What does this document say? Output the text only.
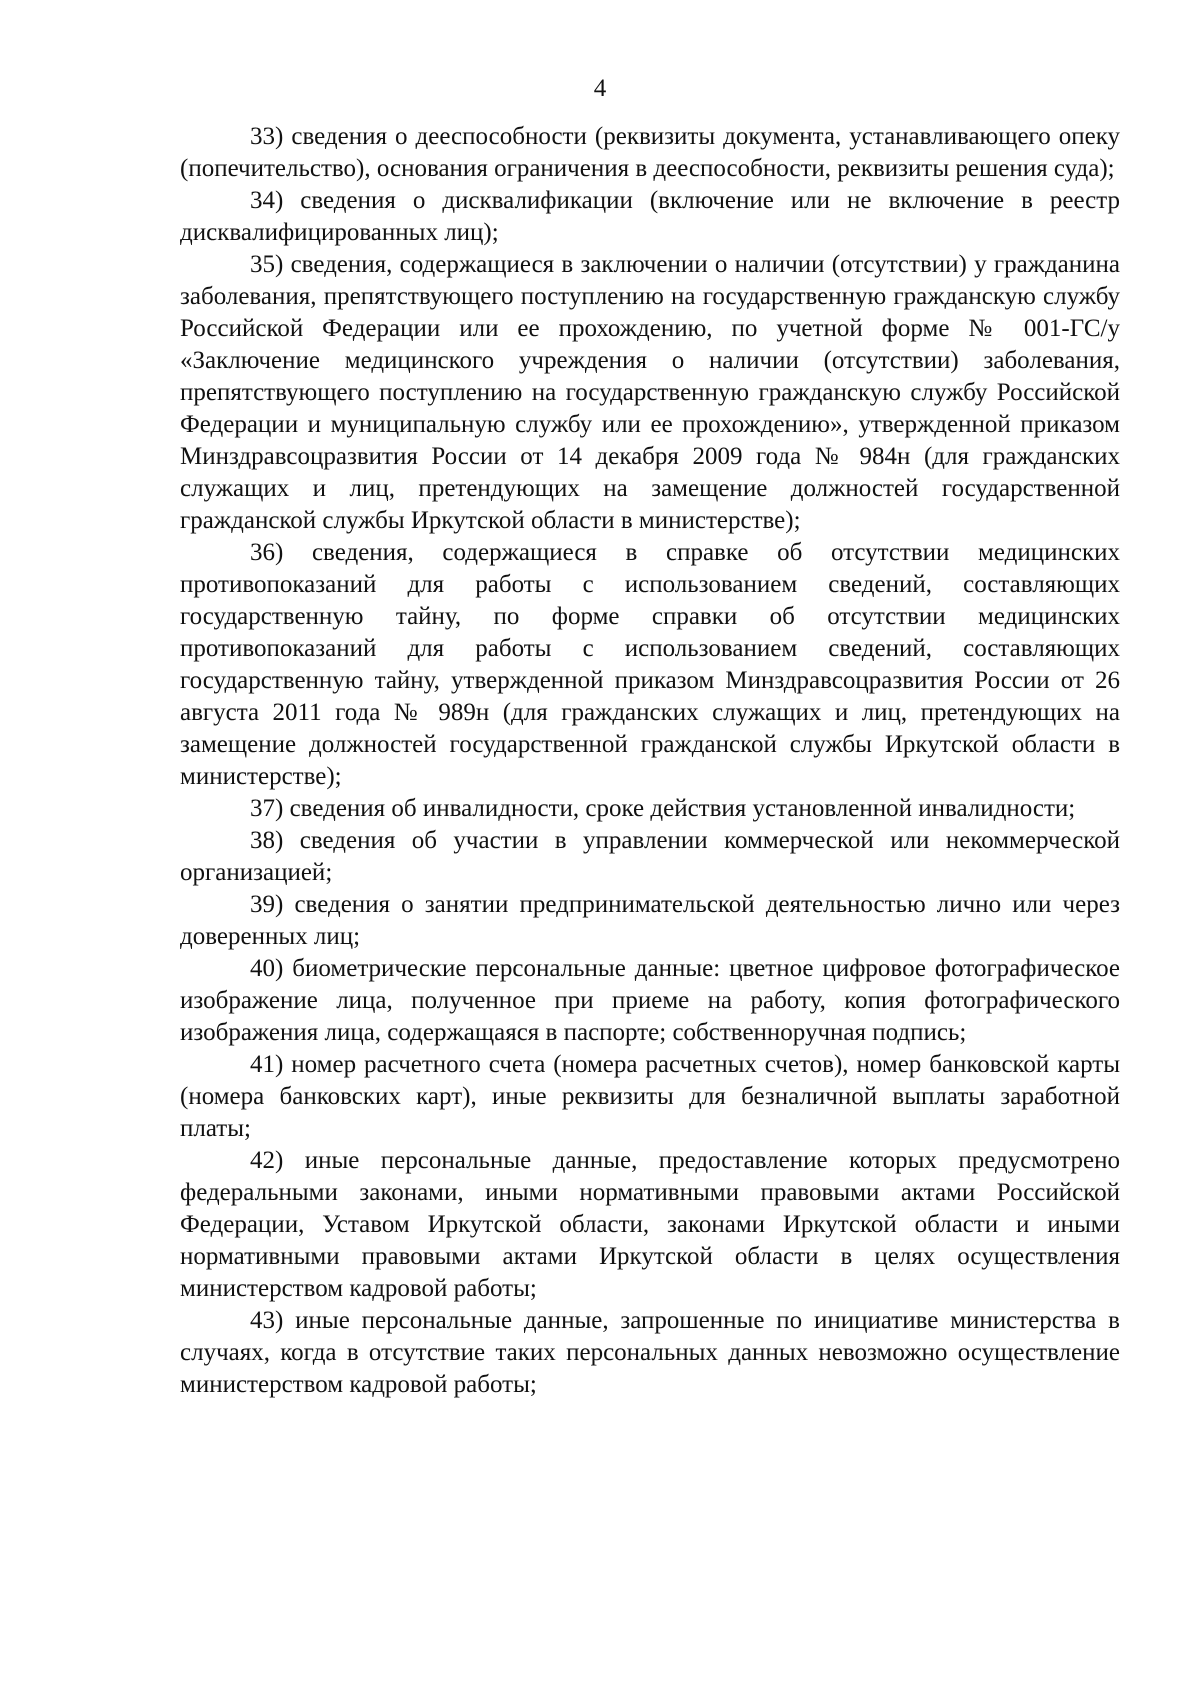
4

33) сведения о дееспособности (реквизиты документа, устанавливающего опеку (попечительство), основания ограничения в дееспособности, реквизиты решения суда);

34) сведения о дисквалификации (включение или не включение в реестр дисквалифицированных лиц);

35) сведения, содержащиеся в заключении о наличии (отсутствии) у гражданина заболевания, препятствующего поступлению на государственную гражданскую службу Российской Федерации или ее прохождению, по учетной форме № 001-ГС/у «Заключение медицинского учреждения о наличии (отсутствии) заболевания, препятствующего поступлению на государственную гражданскую службу Российской Федерации и муниципальную службу или ее прохождению», утвержденной приказом Минздравсоцразвития России от 14 декабря 2009 года № 984н (для гражданских служащих и лиц, претендующих на замещение должностей государственной гражданской службы Иркутской области в министерстве);

36) сведения, содержащиеся в справке об отсутствии медицинских противопоказаний для работы с использованием сведений, составляющих государственную тайну, по форме справки об отсутствии медицинских противопоказаний для работы с использованием сведений, составляющих государственную тайну, утвержденной приказом Минздравсоцразвития России от 26 августа 2011 года № 989н (для гражданских служащих и лиц, претендующих на замещение должностей государственной гражданской службы Иркутской области в министерстве);

37) сведения об инвалидности, сроке действия установленной инвалидности;

38) сведения об участии в управлении коммерческой или некоммерческой организацией;

39) сведения о занятии предпринимательской деятельностью лично или через доверенных лиц;

40) биометрические персональные данные: цветное цифровое фотографическое изображение лица, полученное при приеме на работу, копия фотографического изображения лица, содержащаяся в паспорте; собственноручная подпись;

41) номер расчетного счета (номера расчетных счетов), номер банковской карты (номера банковских карт), иные реквизиты для безналичной выплаты заработной платы;

42) иные персональные данные, предоставление которых предусмотрено федеральными законами, иными нормативными правовыми актами Российской Федерации, Уставом Иркутской области, законами Иркутской области и иными нормативными правовыми актами Иркутской области в целях осуществления министерством кадровой работы;

43) иные персональные данные, запрошенные по инициативе министерства в случаях, когда в отсутствие таких персональных данных невозможно осуществление министерством кадровой работы;
